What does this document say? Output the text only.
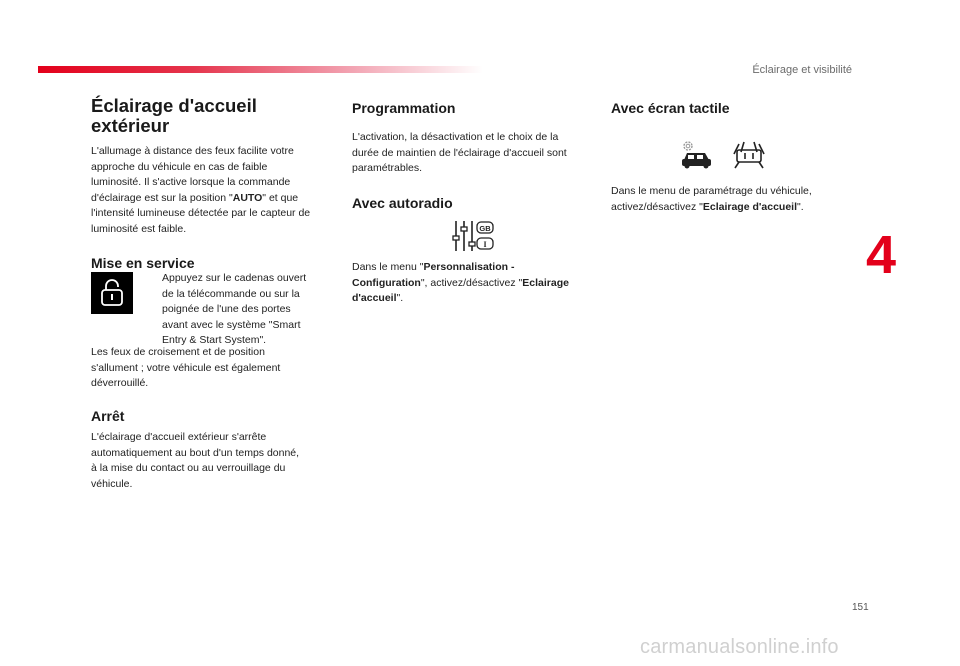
Éclairage et visibilité
4
151
Éclairage d'accueil
extérieur

L'allumage à distance des feux facilite votre
approche du véhicule en cas de faible
luminosité. Il s'active lorsque la commande
d'éclairage est sur la position "AUTO" et que
l'intensité lumineuse détectée par le capteur de
luminosité est faible.

Mise en service

Appuyez sur le cadenas ouvert
de la télécommande ou sur la
poignée de l'une des portes
avant avec le système "Smart
Entry & Start System".

Les feux de croisement et de position
s'allument ; votre véhicule est également
déverrouillé.

Arrêt

L'éclairage d'accueil extérieur s'arrête
automatiquement au bout d'un temps donné,
à la mise du contact ou au verrouillage du
véhicule.

Programmation

L'activation, la désactivation et le choix de la
durée de maintien de l'éclairage d'accueil sont
paramétrables.

Avec autoradio
GB
I

Dans le menu "Personnalisation -
Configuration", activez/désactivez "Eclairage
d'accueil".

Avec écran tactile

Dans le menu de paramétrage du véhicule,
activez/désactivez "Eclairage d'accueil".

carmanualsonline.info
